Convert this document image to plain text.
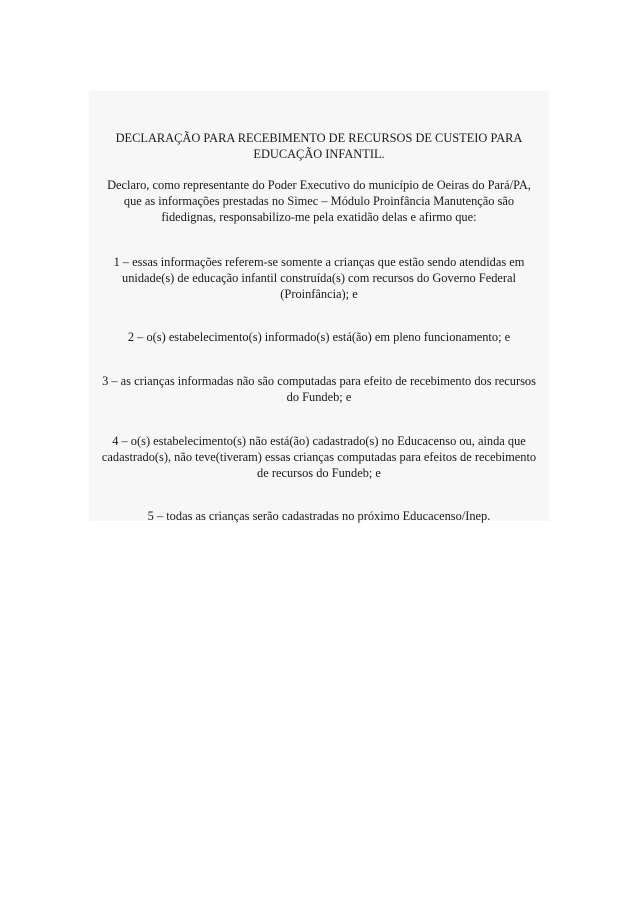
DECLARAÇÃO PARA RECEBIMENTO DE RECURSOS DE CUSTEIO PARA

EDUCAÇÃO INFANTIL.

Declaro, como representante do Poder Executivo do município de Oeiras do Pará/PA,

que as informações prestadas no Simec – Módulo Proinfância Manutenção são

fidedignas, responsabilizo-me pela exatidão delas e afirmo que:

1 – essas informações referem-se somente a crianças que estão sendo atendidas em

unidade(s) de educação infantil construída(s) com recursos do Governo Federal

(Proinfância); e

2 – o(s) estabelecimento(s) informado(s) está(ão) em pleno funcionamento; e

3 – as crianças informadas não são computadas para efeito de recebimento dos recursos

do Fundeb; e

4 – o(s) estabelecimento(s) não está(ão) cadastrado(s) no Educacenso ou, ainda que

cadastrado(s), não teve(tiveram) essas crianças computadas para efeitos de recebimento

de recursos do Fundeb; e

5 – todas as crianças serão cadastradas no próximo Educacenso/Inep.
